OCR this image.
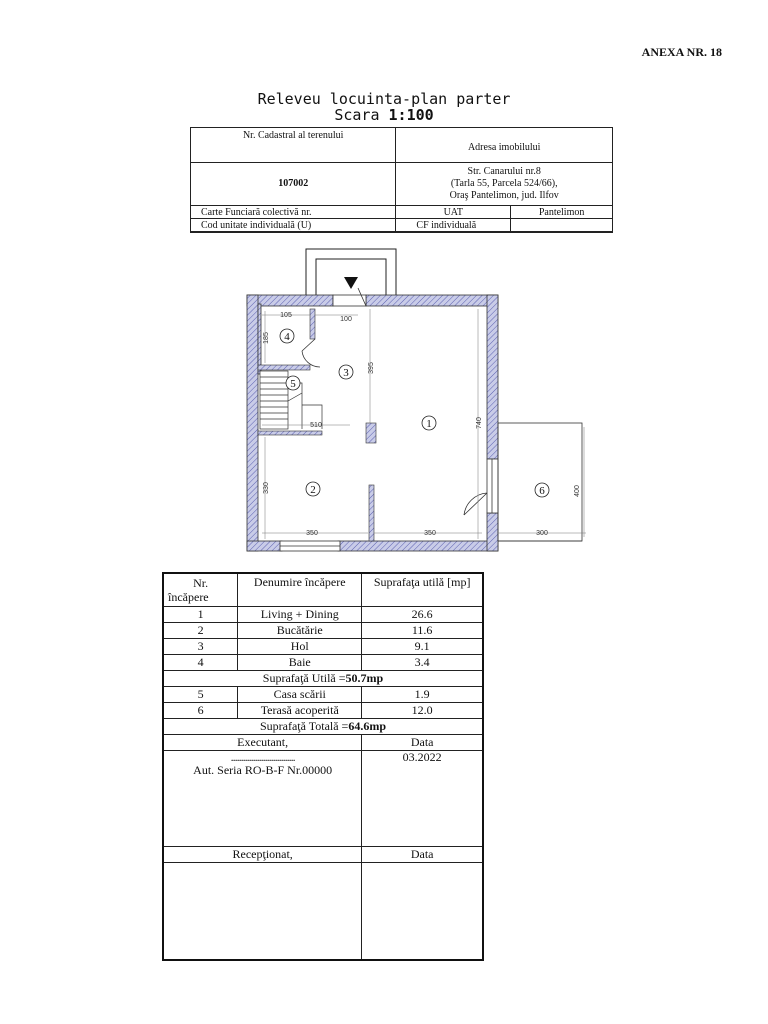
ANEXA NR. 18
Releveu locuinta-plan parter
Scara 1:100
Nr. Cadastral al terenului	Adresa imobilului	
107002	Str. Canarului nr.8
(Tarla 55, Parcela 524/66),
Oraş Pantelimon, jud. Ilfov	

Carte Funciară colectivă nr.	UAT	Pantelimon
Cod unitate individuală (U)	CF individuală	
105
100
185
395
740
510
330
350	350	300
400
1
2
3
4
5
6
Nr.
încăpere	Denumire încăpere	Suprafaţa utilă [mp]
1	Living + Dining	26.6
2	Bucătărie	11.6
3	Hol	9.1
4	Baie	3.4
Suprafaţă Utilă =50.7mp		
5	Casa scării	1.9
6	Terasă acoperită	12.0
Suprafaţă Totală =64.6mp		
Executant,		Data

................................
Aut. Seria RO-B-F Nr.00000		03.2022
Recepţionat,		Data
